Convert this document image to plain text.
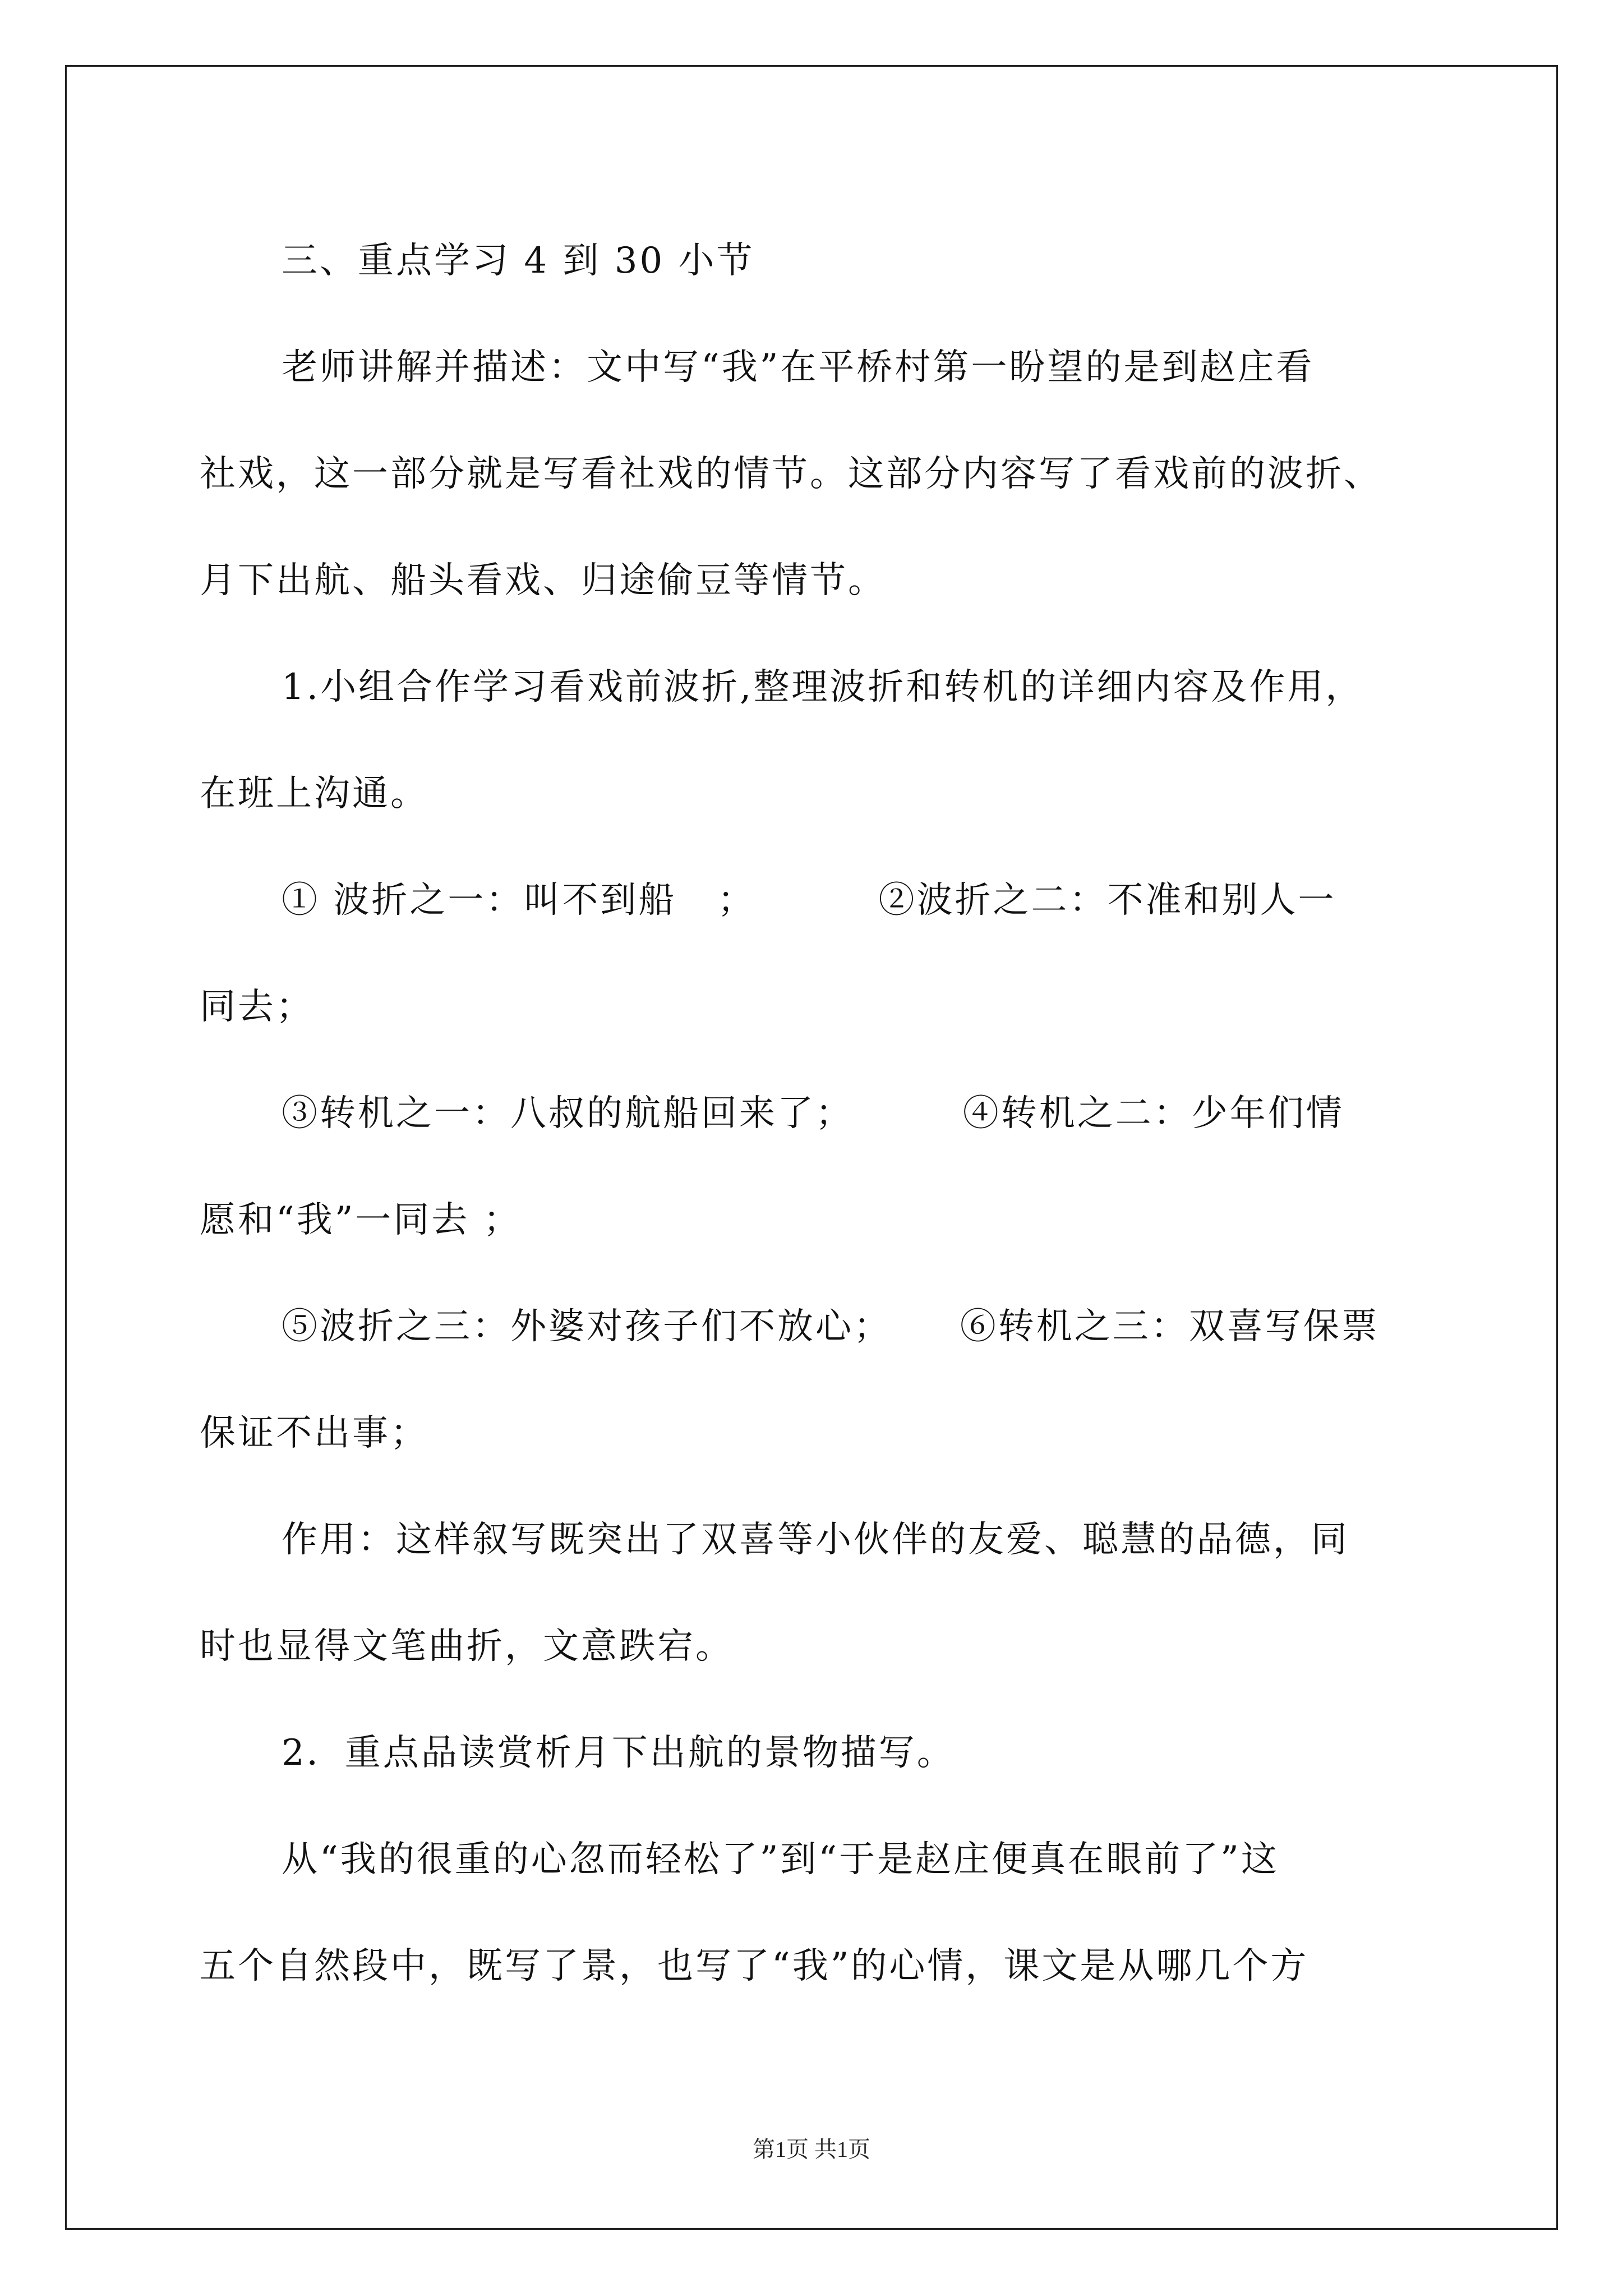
三、重点学习 4 到 30 小节
老师讲解并描述：文中写“我”在平桥村第一盼望的是到赵庄看
社戏，这一部分就是写看社戏的情节。这部分内容写了看戏前的波折、
月下出航、船头看戏、归途偷豆等情节。
1.小组合作学习看戏前波折,整理波折和转机的详细内容及作用，
在班上沟通。
① 波折之一：叫不到船   ；         ②波折之二：不准和别人一
同去；
③转机之一：八叔的航船回来了；        ④转机之二：少年们情
愿和“我”一同去 ；
⑤波折之三：外婆对孩子们不放心；     ⑥转机之三：双喜写保票
保证不出事；
作用：这样叙写既突出了双喜等小伙伴的友爱、聪慧的品德，同
时也显得文笔曲折，文意跌宕。
2．重点品读赏析月下出航的景物描写。
从“我的很重的心忽而轻松了”到“于是赵庄便真在眼前了”这
五个自然段中，既写了景，也写了“我”的心情，课文是从哪几个方
第1页 共1页
